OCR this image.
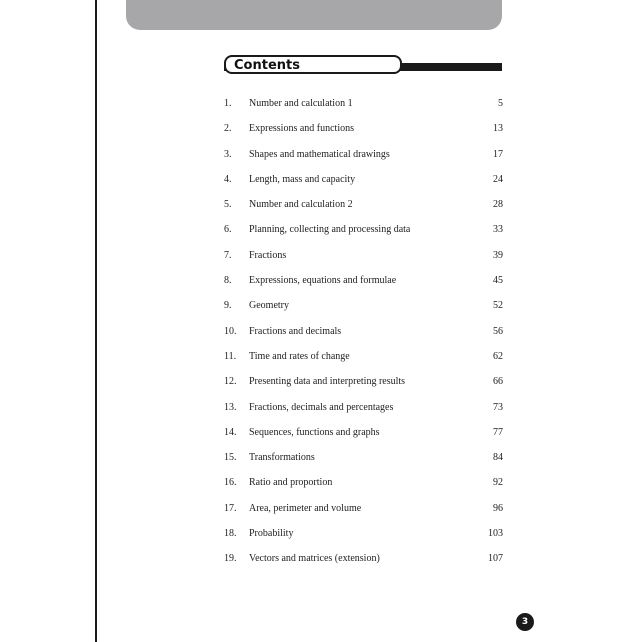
Contents
1. Number and calculation 1	5
2. Expressions and functions	13
3. Shapes and mathematical drawings	17
4. Length, mass and capacity	24
5. Number and calculation 2	28
6. Planning, collecting and processing data	33
7. Fractions	39
8. Expressions, equations and formulae	45
9. Geometry	52
10. Fractions and decimals	56
11. Time and rates of change	62
12. Presenting data and interpreting results	66
13. Fractions, decimals and percentages	73
14. Sequences, functions and graphs	77
15. Transformations	84
16. Ratio and proportion	92
17. Area, perimeter and volume	96
18. Probability	103
19. Vectors and matrices (extension)	107
3
